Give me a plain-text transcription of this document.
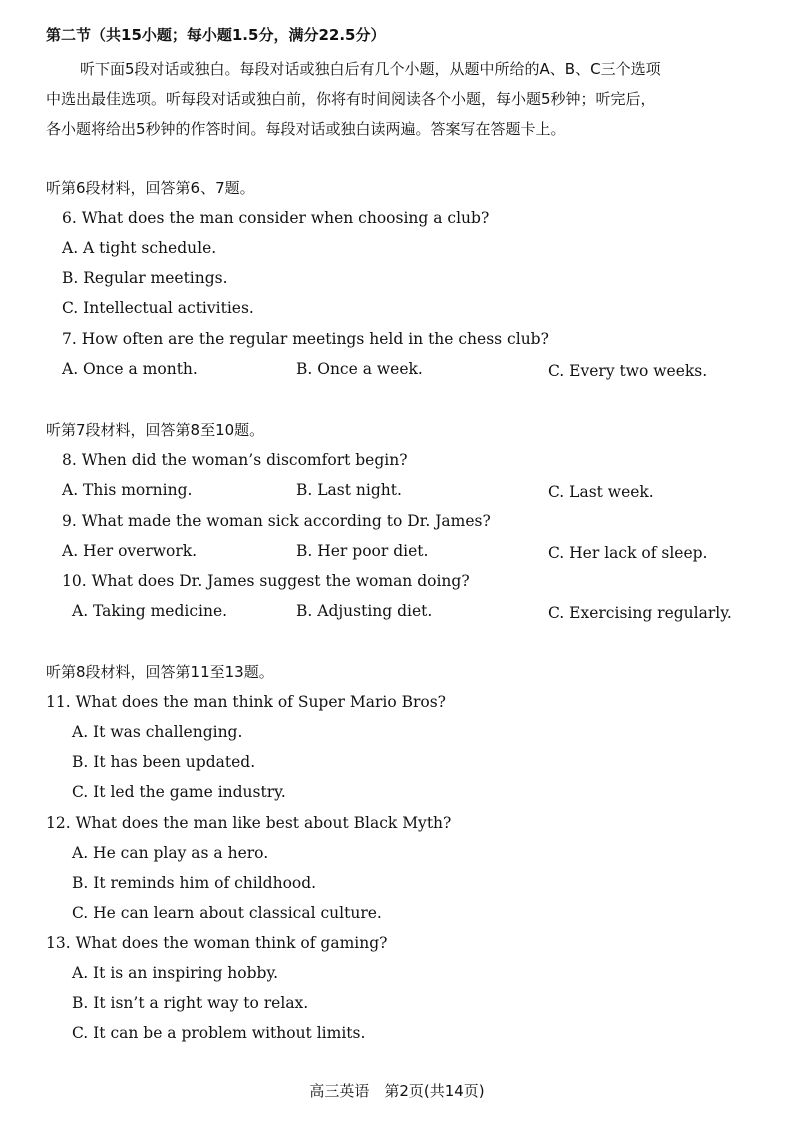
第二节（共15小题；每小题1.5分，满分22.5分）
听下面5段对话或独白。每段对话或独白后有几个小题，从题中所给的A、B、C三个选项
中选出最佳选项。听每段对话或独白前，你将有时间阅读各个小题，每小题5秒钟；听完后，
各小题将给出5秒钟的作答时间。每段对话或独白读两遍。答案写在答题卡上。
听第6段材料，回答第6、7题。
6. What does the man consider when choosing a club?
A. A tight schedule.
B. Regular meetings.
C. Intellectual activities.
7. How often are the regular meetings held in the chess club?
A. Once a month.	B. Once a week.	C. Every two weeks.
听第7段材料，回答第8至10题。
8. When did the woman’s discomfort begin?
A. This morning.	B. Last night.	C. Last week.
9. What made the woman sick according to Dr. James?
A. Her overwork.	B. Her poor diet.	C. Her lack of sleep.
10. What does Dr. James suggest the woman doing?
A. Taking medicine.	B. Adjusting diet.	C. Exercising regularly.
听第8段材料，回答第11至13题。
11. What does the man think of Super Mario Bros?
A. It was challenging.
B. It has been updated.
C. It led the game industry.
12. What does the man like best about Black Myth?
A. He can play as a hero.
B. It reminds him of childhood.
C. He can learn about classical culture.
13. What does the woman think of gaming?
A. It is an inspiring hobby.
B. It isn’t a right way to relax.
C. It can be a problem without limits.
高三英语　第2页(共14页)
